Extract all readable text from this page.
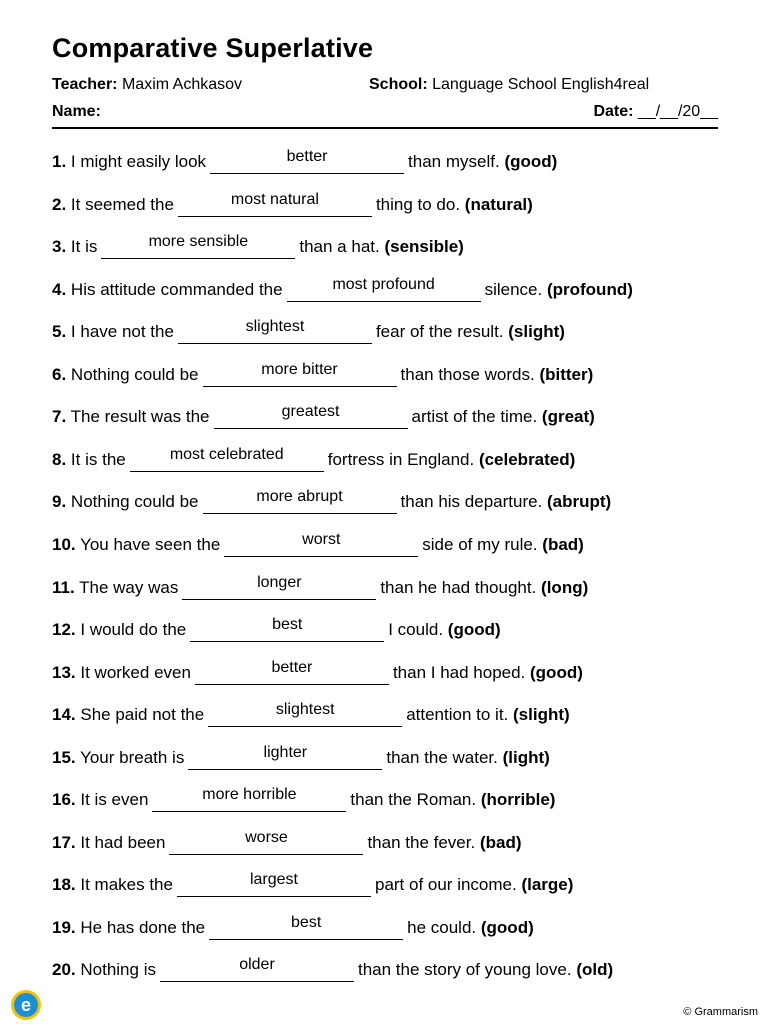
Comparative Superlative
Teacher: Maxim Achkasov	School: Language School English4real
Name:	Date: __/__/20__
1. I might easily look	better	than myself. (good)
2. It seemed the	most natural	thing to do. (natural)
3. It is	more sensible	than a hat. (sensible)
4. His attitude commanded the	most profound	silence. (profound)
5. I have not the	slightest	fear of the result. (slight)
6. Nothing could be	more bitter	than those words. (bitter)
7. The result was the	greatest	artist of the time. (great)
8. It is the	most celebrated	fortress in England. (celebrated)
9. Nothing could be	more abrupt	than his departure. (abrupt)
10. You have seen the	worst	side of my rule. (bad)
11. The way was	longer	than he had thought. (long)
12. I would do the	best	I could. (good)
13. It worked even	better	than I had hoped. (good)
14. She paid not the	slightest	attention to it. (slight)
15. Your breath is	lighter	than the water. (light)
16. It is even	more horrible	than the Roman. (horrible)
17. It had been	worse	than the fever. (bad)
18. It makes the	largest	part of our income. (large)
19. He has done the	best	he could. (good)
20. Nothing is	older	than the story of young love. (old)
e	© Grammarism
